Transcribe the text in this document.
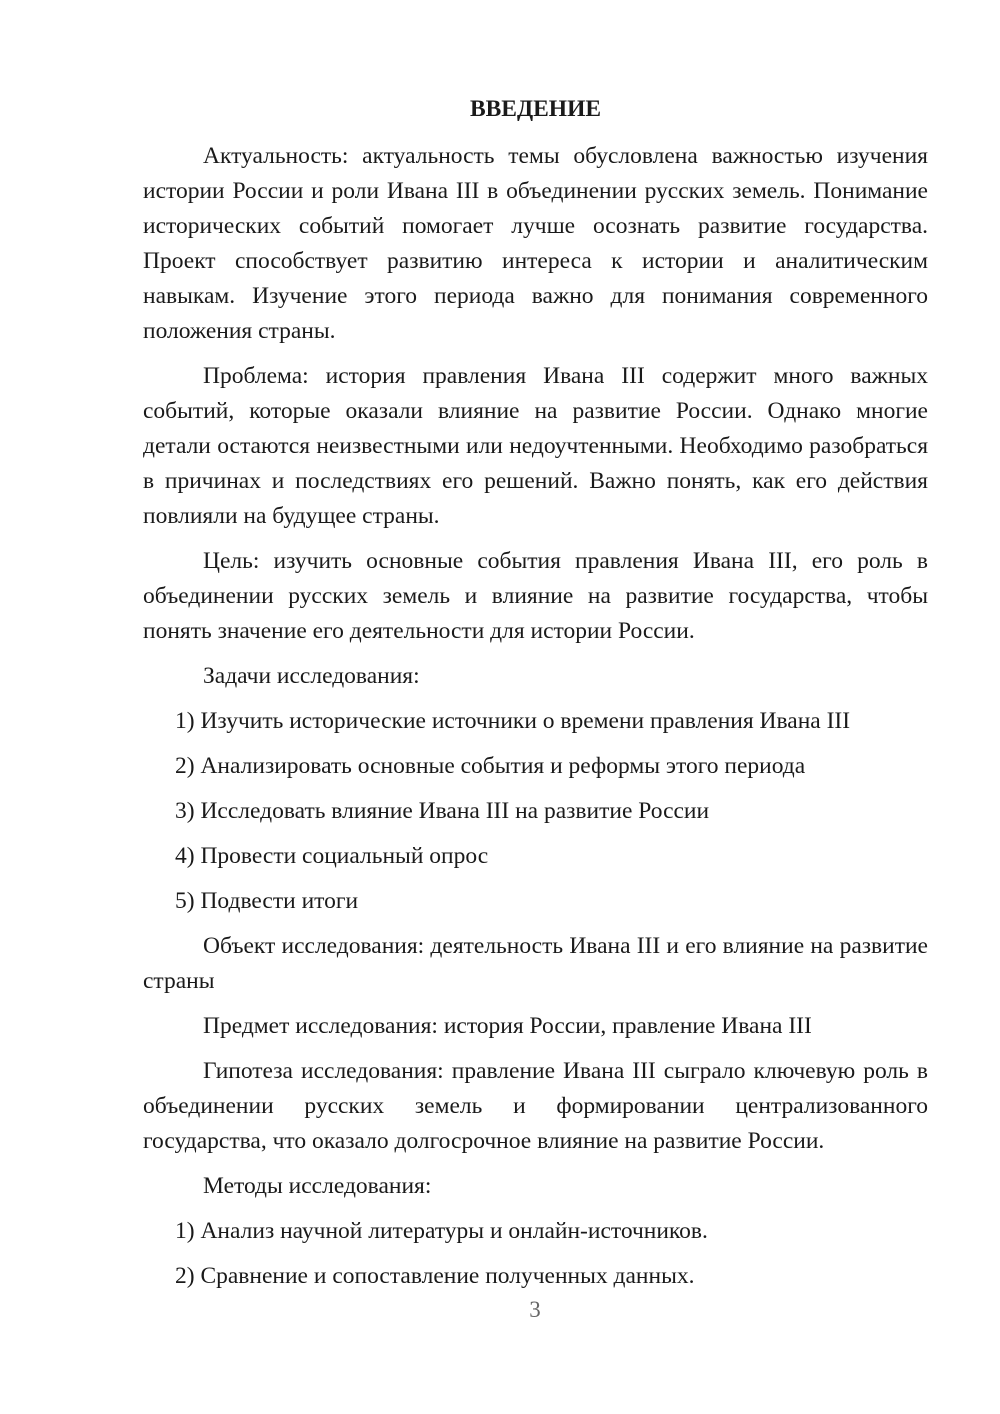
ВВЕДЕНИЕ

Актуальность: актуальность темы обусловлена важностью изучения истории России и роли Ивана III в объединении русских земель. Понимание исторических событий помогает лучше осознать развитие государства. Проект способствует развитию интереса к истории и аналитическим навыкам. Изучение этого периода важно для понимания современного положения страны.

Проблема: история правления Ивана III содержит много важных событий, которые оказали влияние на развитие России. Однако многие детали остаются неизвестными или недоучтенными. Необходимо разобраться в причинах и последствиях его решений. Важно понять, как его действия повлияли на будущее страны.

Цель: изучить основные события правления Ивана III, его роль в объединении русских земель и влияние на развитие государства, чтобы понять значение его деятельности для истории России.

Задачи исследования:

1) Изучить исторические источники о времени правления Ивана III
2) Анализировать основные события и реформы этого периода
3) Исследовать влияние Ивана III на развитие России
4) Провести социальный опрос
5) Подвести итоги

Объект исследования: деятельность Ивана III и его влияние на развитие страны

Предмет исследования: история России, правление Ивана III

Гипотеза исследования: правление Ивана III сыграло ключевую роль в объединении русских земель и формировании централизованного государства, что оказало долгосрочное влияние на развитие России.

Методы исследования:

1) Анализ научной литературы и онлайн-источников.
2) Сравнение и сопоставление полученных данных.
3
